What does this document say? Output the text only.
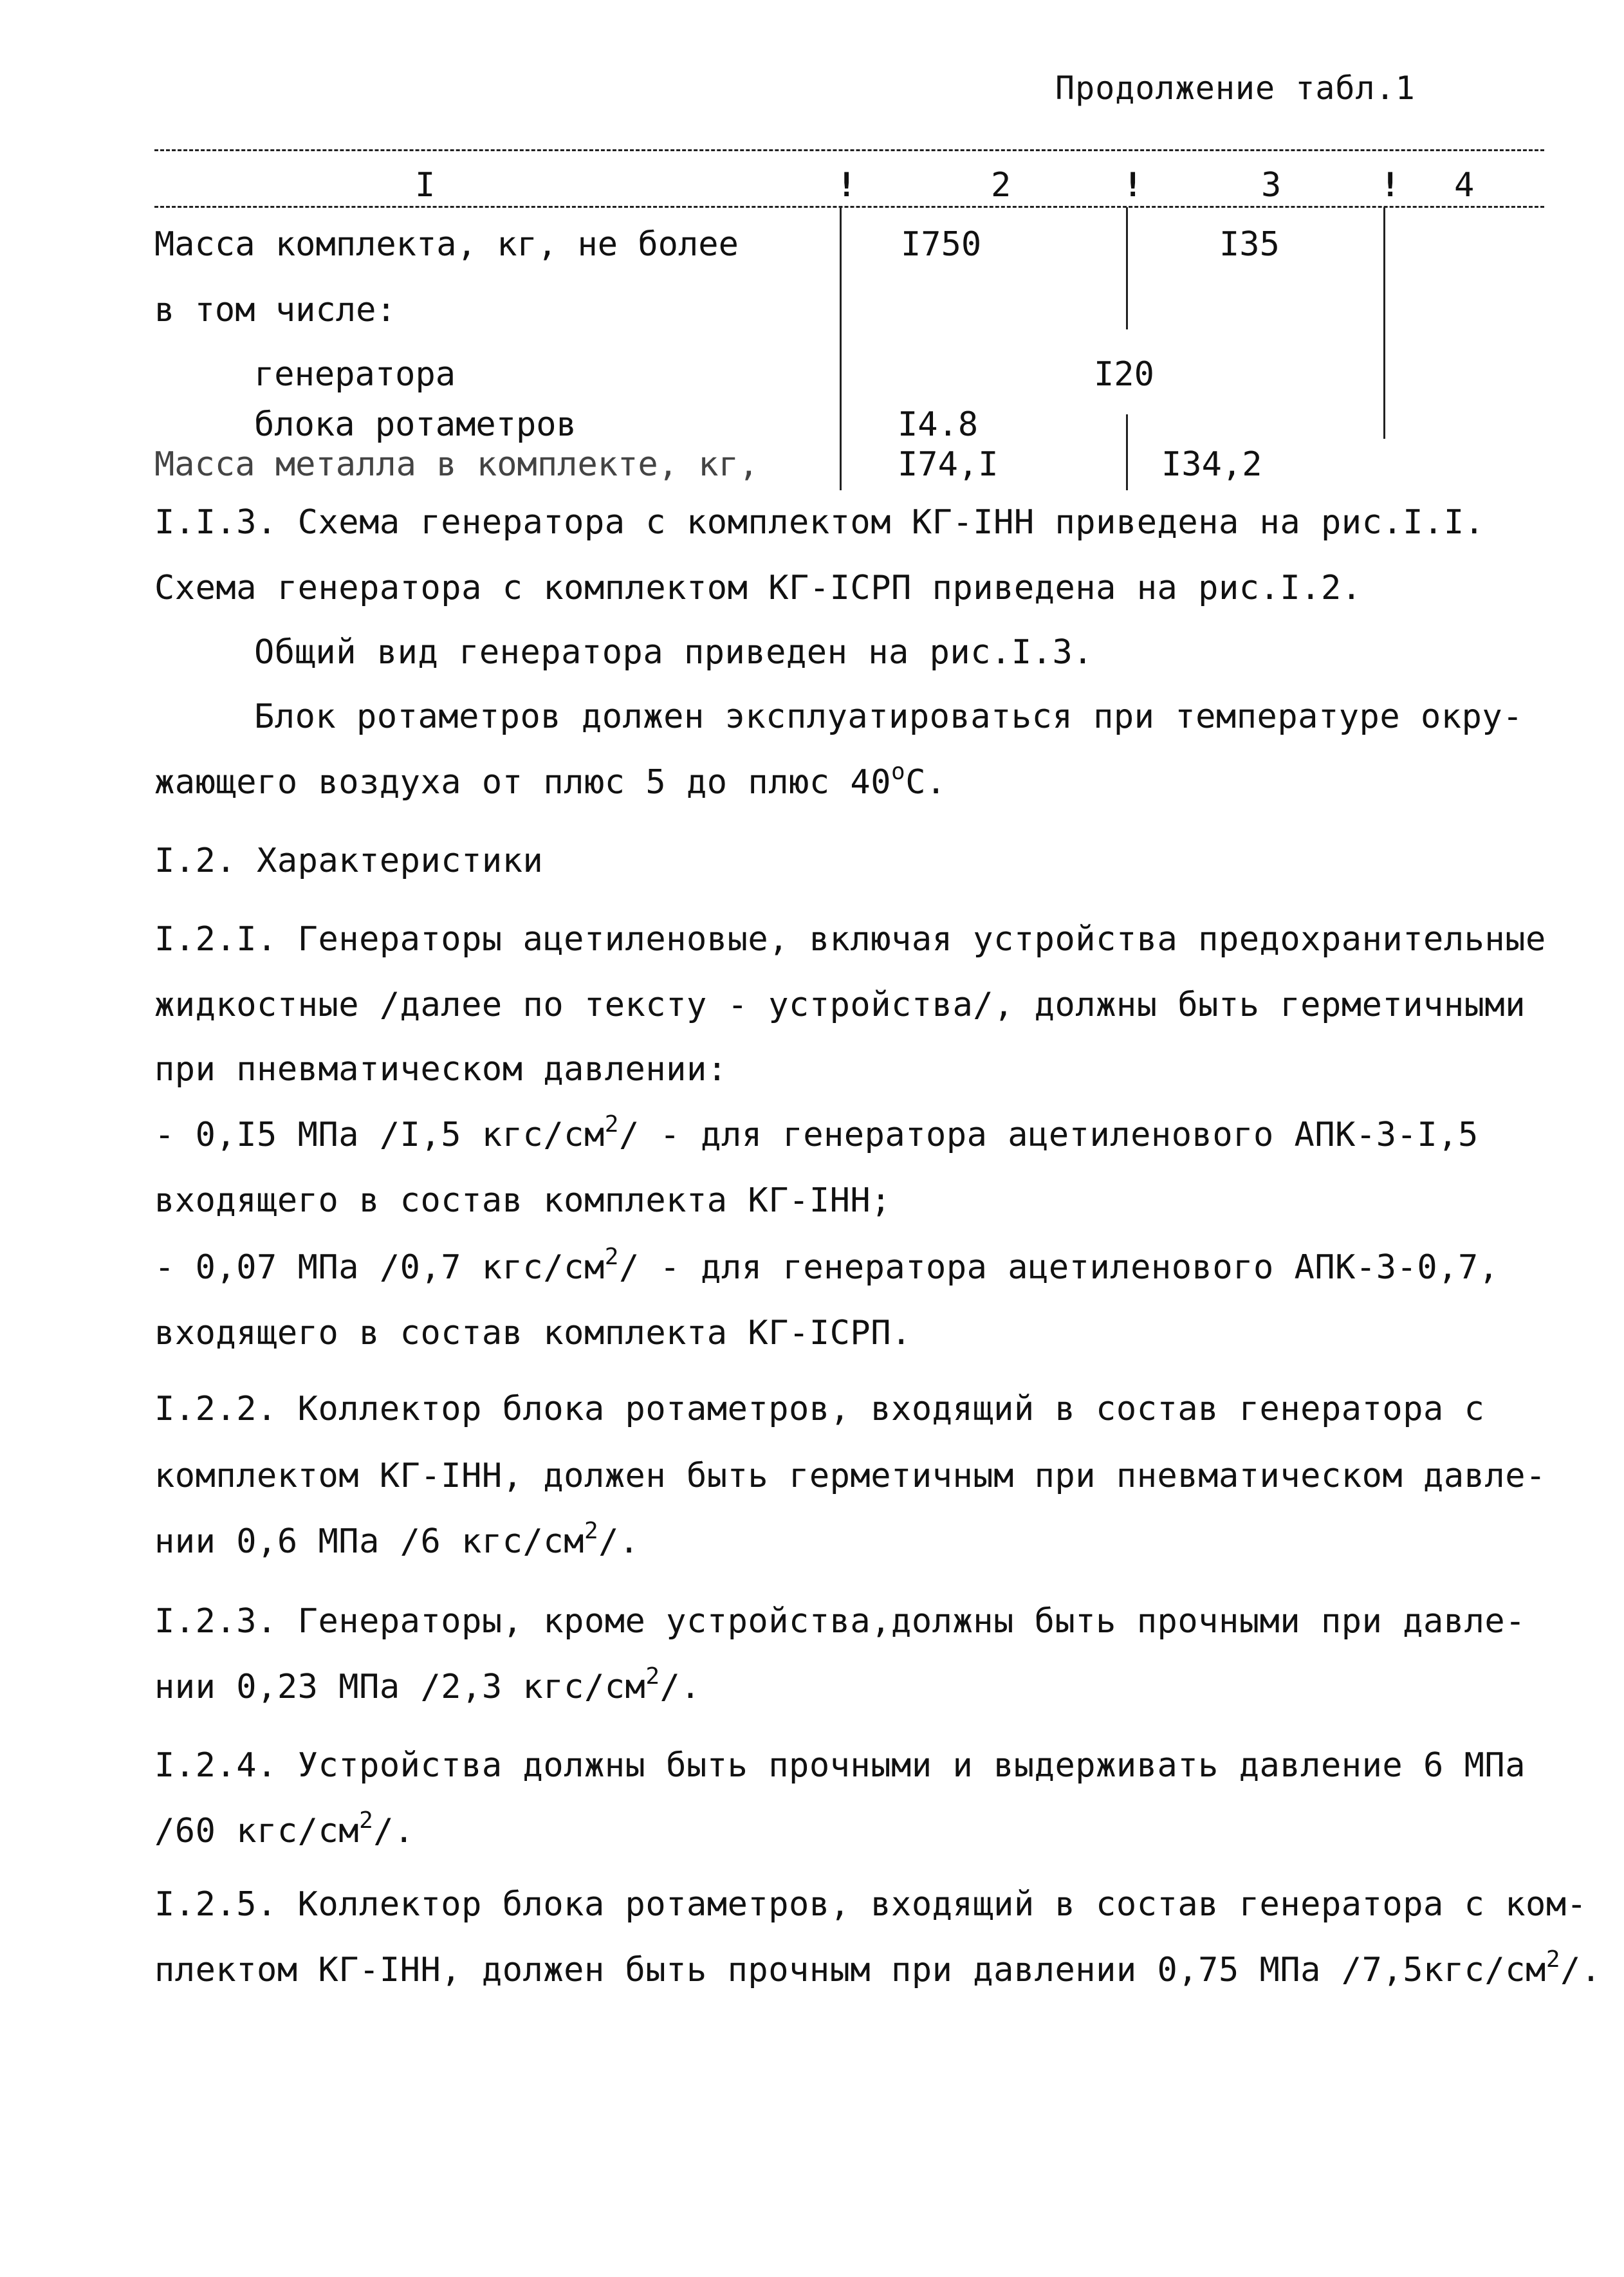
Продолжение табл.1
I	!	2	!	3	! 4
Масса комплекта, кг, не более	I750	I35
в том числе:
генератора	I20
блока ротаметров	I4.8
Масса металла в комплекте, кг,	I74,I	I34,2
I.I.3. Схема генератора с комплектом КГ-IНН приведена на рис.I.I.
Схема генератора с комплектом КГ-IСРП приведена на рис.I.2.
Общий вид генератора приведен на рис.I.3.
Блок ротаметров должен эксплуатироваться при температуре окру-
жающего воздуха от плюс 5 до плюс 40$^o$С.
I.2. Характеристики
I.2.I. Генераторы ацетиленовые, включая устройства предохранительные
жидкостные /далее по тексту - устройства/, должны быть герметичными
при пневматическом давлении:
- 0,I5 МПа /I,5 кгс/$см^2/$ - для генератора ацетиленового АПК-3-I,5
входящего в состав комплекта КГ-IНН;
- 0,07 МПа /0,7 кгс/$см^2/$ - для генератора ацетиленового АПК-3-0,7,
входящего в состав комплекта КГ-IСРП.
I.2.2. Коллектор блока ротаметров, входящий в состав генератора с
комплектом КГ-IНН, должен быть герметичным при пневматическом давле-
нии 0,6 МПа /6 кгс/$см^2/$.
I.2.3. Генераторы, кроме устройства,должны быть прочными при давле-
нии 0,23 МПа /2,3 кгс/$см^2/$.
I.2.4. Устройства должны быть прочными и выдерживать давление 6 МПа
/60 кгс/$см^2/$.
I.2.5. Коллектор блока ротаметров, входящий в состав генератора с ком-
плектом КГ-IНН, должен быть прочным при давлении 0,75 МПа $/7,5кгс/см^2/$.
